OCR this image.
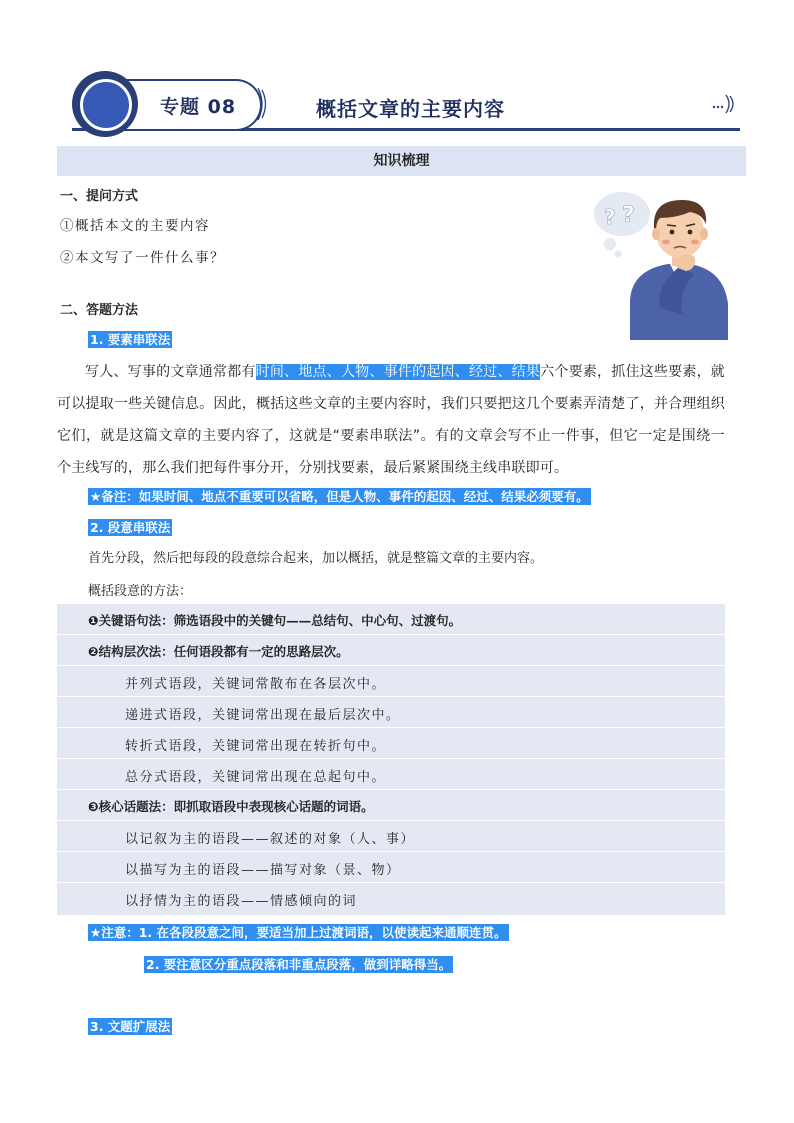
专题 08	概括文章的主要内容
知识梳理
一、提问方式
①概括本文的主要内容
②本文写了一件什么事？
? ?
二、答题方法
1. 要素串联法
写人、写事的文章通常都有时间、地点、人物、事件的起因、经过、结果六个要素，抓住这些要素，就可以提取一些关键信息。因此，概括这些文章的主要内容时，我们只要把这几个要素弄清楚了，并合理组织它们，就是这篇文章的主要内容了，这就是“要素串联法”。有的文章会写不止一件事，但它一定是围绕一个主线写的，那么我们把每件事分开，分别找要素，最后紧紧围绕主线串联即可。
★备注：如果时间、地点不重要可以省略，但是人物、事件的起因、经过、结果必须要有。
2. 段意串联法
首先分段，然后把每段的段意综合起来，加以概括，就是整篇文章的主要内容。
概括段意的方法：
❶关键语句法：筛选语段中的关键句——总结句、中心句、过渡句。
❷结构层次法：任何语段都有一定的思路层次。
并列式语段，关键词常散布在各层次中。
递进式语段，关键词常出现在最后层次中。
转折式语段，关键词常出现在转折句中。
总分式语段，关键词常出现在总起句中。
❸核心话题法：即抓取语段中表现核心话题的词语。
以记叙为主的语段——叙述的对象（人、事）
以描写为主的语段——描写对象（景、物）
以抒情为主的语段——情感倾向的词
★注意：1. 在各段段意之间，要适当加上过渡词语，以使读起来通顺连贯。
2. 要注意区分重点段落和非重点段落，做到详略得当。
3. 文题扩展法
